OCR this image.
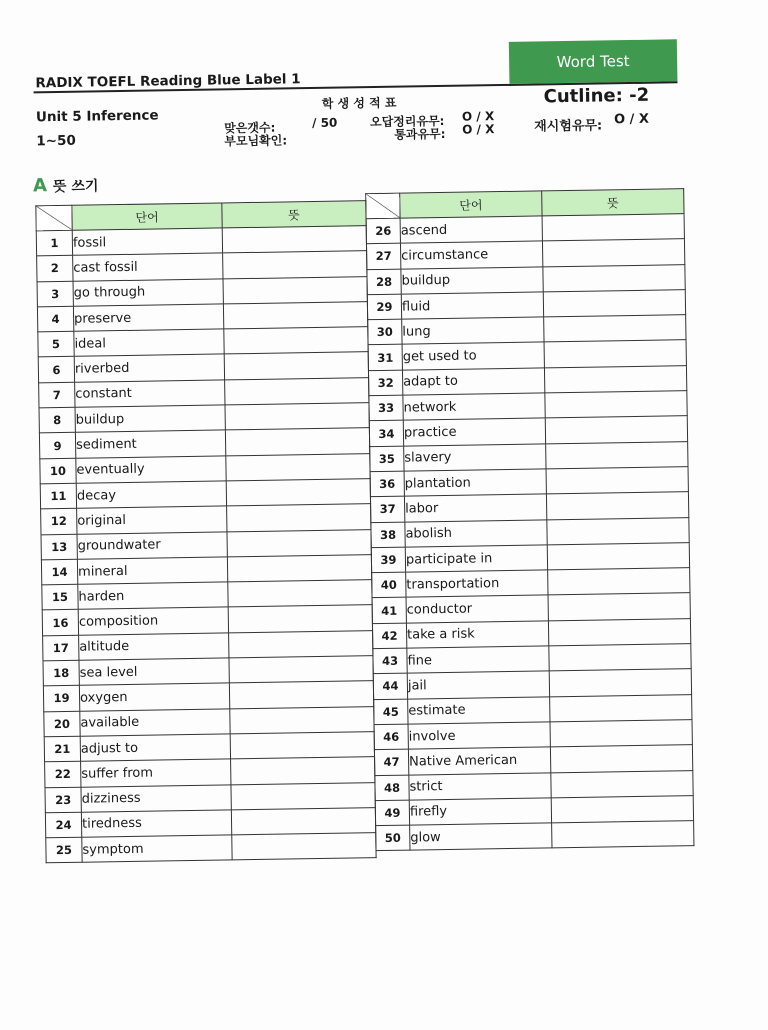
Word Test
RADIX TOEFL Reading Blue Label 1
Unit 5 Inference
1~50
학 생 성 적 표
맞은갯수:	/ 50	오답정리유무: O / X
부모님확인:	통과유무: O / X
Cutline: -2
재시험유무: O / X
A 뜻 쓰기
	단어	뜻
1	fossil	
2	cast fossil	
3	go through	
4	preserve	
5	ideal	
6	riverbed	
7	constant	
8	buildup	
9	sediment	
10	eventually	
11	decay	
12	original	
13	groundwater	
14	mineral	
15	harden	
16	composition	
17	altitude	
18	sea level	
19	oxygen	
20	available	
21	adjust to	
22	suffer from	
23	dizziness	
24	tiredness	
25	symptom	
	단어	뜻
26	ascend	
27	circumstance	
28	buildup	
29	fluid	
30	lung	
31	get used to	
32	adapt to	
33	network	
34	practice	
35	slavery	
36	plantation	
37	labor	
38	abolish	
39	participate in	
40	transportation	
41	conductor	
42	take a risk	
43	fine	
44	jail	
45	estimate	
46	involve	
47	Native American	
48	strict	
49	firefly	
50	glow	
